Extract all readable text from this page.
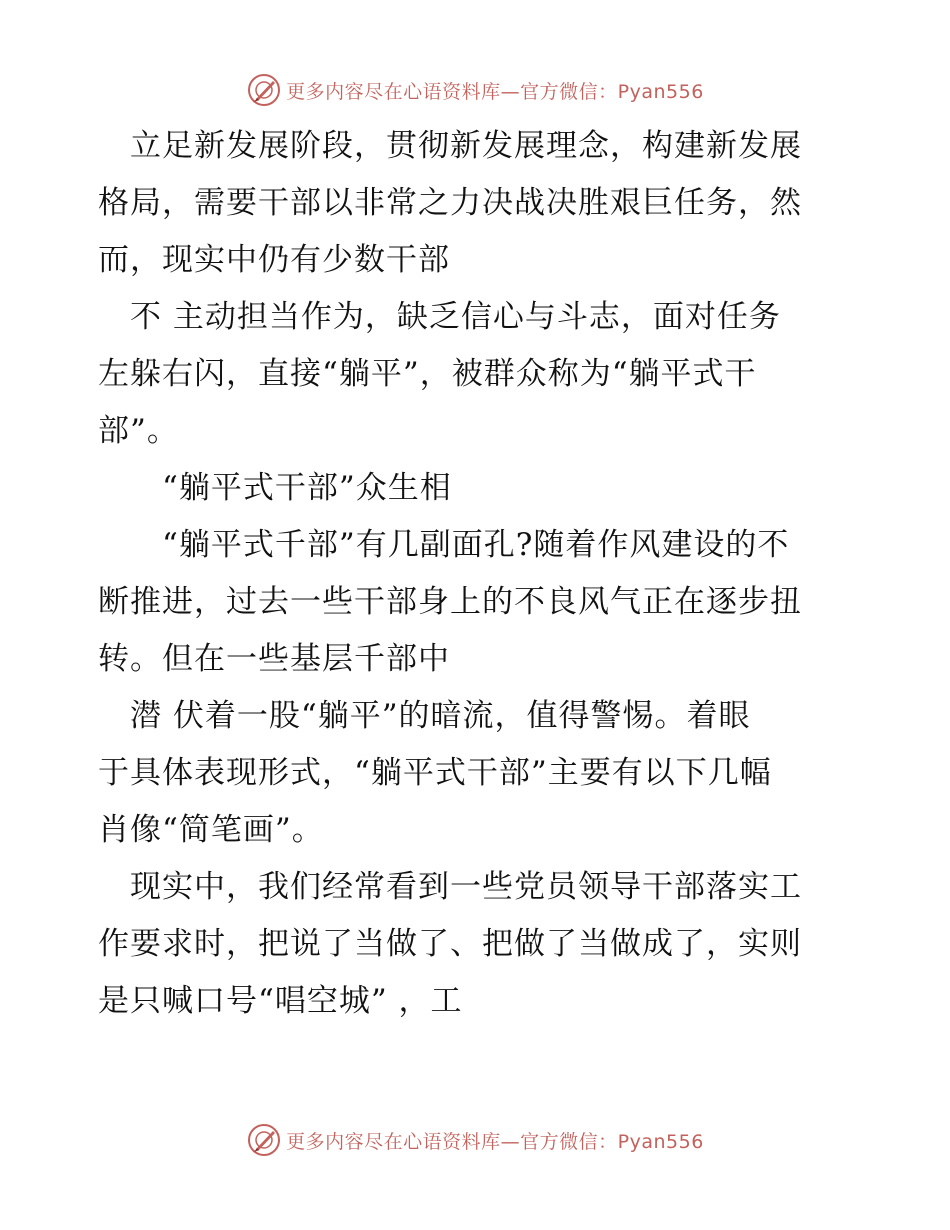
更多内容尽在心语资料库—官方微信：Pyan556
　立足新发展阶段，贯彻新发展理念，构建新发展
格局，需要干部以非常之力决战决胜艰巨任务，然
而，现实中仍有少数干部
　不 主动担当作为，缺乏信心与斗志，面对任务
左躲右闪，直接“躺平”，被群众称为“躺平式干
部”。
　　“躺平式干部”众生相
　　“躺平式千部”有几副面孔?随着作风建设的不
断推进，过去一些干部身上的不良风气正在逐步扭
转。但在一些基层千部中
　潜 伏着一股“躺平”的暗流，值得警惕。着眼
于具体表现形式，“躺平式干部”主要有以下几幅
肖像“简笔画”。
　现实中，我们经常看到一些党员领导干部落实工
作要求时，把说了当做了、把做了当做成了，实则
是只喊口号“唱空城” ，工
更多内容尽在心语资料库—官方微信：Pyan556
